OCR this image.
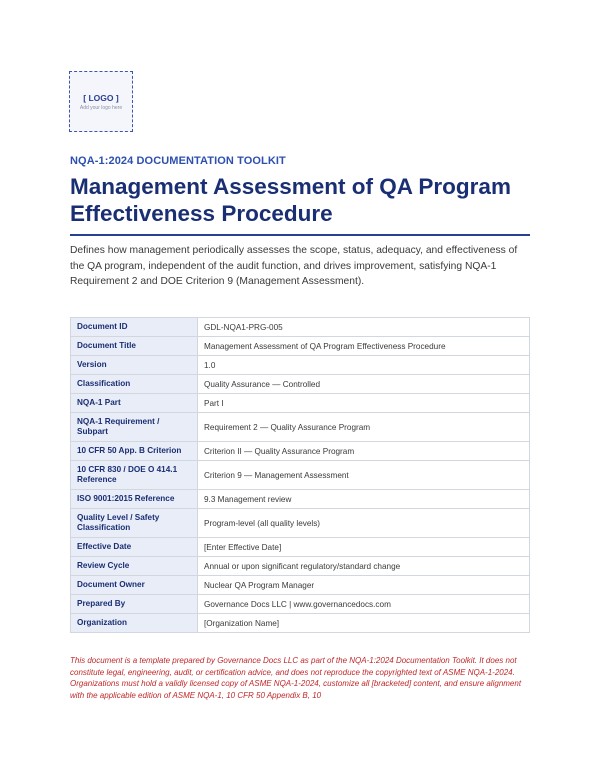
[ LOGO ]
Add your logo here
NQA-1:2024 DOCUMENTATION TOOLKIT
Management Assessment of QA Program Effectiveness Procedure

Defines how management periodically assesses the scope, status, adequacy, and effectiveness of the QA program, independent of the audit function, and drives improvement, satisfying NQA-1 Requirement 2 and DOE Criterion 9 (Management Assessment).

Document ID	GDL-NQA1-PRG-005
Document Title	Management Assessment of QA Program Effectiveness Procedure
Version	1.0
Classification	Quality Assurance — Controlled
NQA-1 Part	Part I
NQA-1 Requirement / Subpart	Requirement 2 — Quality Assurance Program
10 CFR 50 App. B Criterion	Criterion II — Quality Assurance Program
10 CFR 830 / DOE O 414.1 Reference	Criterion 9 — Management Assessment
ISO 9001:2015 Reference	9.3 Management review
Quality Level / Safety Classification	Program-level (all quality levels)
Effective Date	[Enter Effective Date]
Review Cycle	Annual or upon significant regulatory/standard change
Document Owner	Nuclear QA Program Manager
Prepared By	Governance Docs LLC | www.governancedocs.com
Organization	[Organization Name]

This document is a template prepared by Governance Docs LLC as part of the NQA-1:2024 Documentation Toolkit. It does not constitute legal, engineering, audit, or certification advice, and does not reproduce the copyrighted text of ASME NQA-1-2024. Organizations must hold a validly licensed copy of ASME NQA-1-2024, customize all [bracketed] content, and ensure alignment with the applicable edition of ASME NQA-1, 10 CFR 50 Appendix B, 10
